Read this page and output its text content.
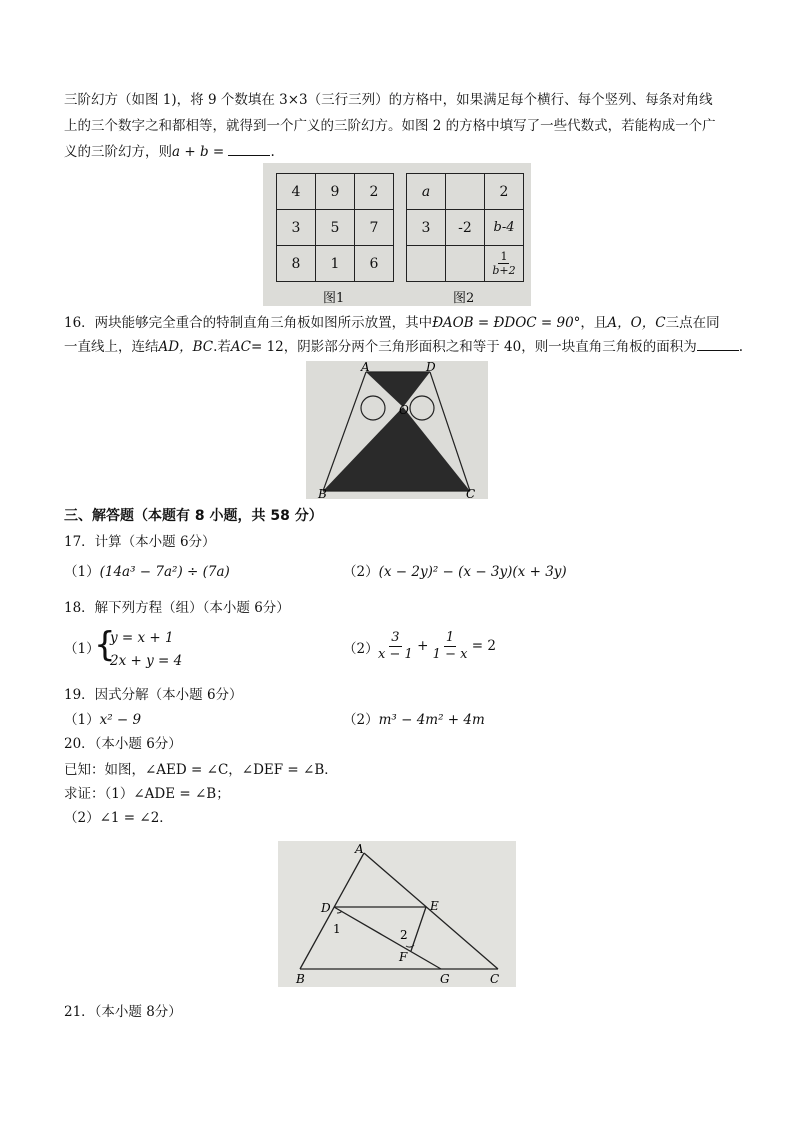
三阶幻方（如图 1)，将 9 个数填在 3×3（三行三列）的方格中，如果满足每个横行、每个竖列、每条对角线
上的三个数字之和都相等，就得到一个广义的三阶幻方。如图 2 的方格中填写了一些代数式，若能构成一个广
义的三阶幻方，则a + b =	.
4	9	2
3	5	7
8	1	6
图1
a		2
3	-2	b-4

		$\frac{1}{b+2}$
图2
16．两块能够完全重合的特制直角三角板如图所示放置，其中ÐAOB = ÐDOC = 90°，且A，O，C三点在同
一直线上，连结AD，BC.若AC= 12，阴影部分两个三角形面积之和等于 40，则一块直角三角板的面积为	.
A	D
O
B	C
三、解答题（本题有 8 小题，共 58 分）
17．计算（本小题 6分）
（1）(14a³ − 7a²) ÷ (7a)	（2）(x − 2y)² − (x − 3y)(x + 3y)
18．解下列方程（组）（本小题 6分）
（1）
{
y = x + 1
2x + y = 4
$(2) \frac{3}{x - 1} + \frac{1}{1 - x} = 2$
19．因式分解（本小题 6分）
（1）x² − 9	（2）m³ − 4m² + 4m
20．（本小题 6分）
已知：如图，∠AED = ∠C，∠DEF = ∠B．
求证：（1）∠ADE = ∠B；
（2）∠1 = ∠2．
A
D	E
1	2
F
B	G	C
21．（本小题 8分）
